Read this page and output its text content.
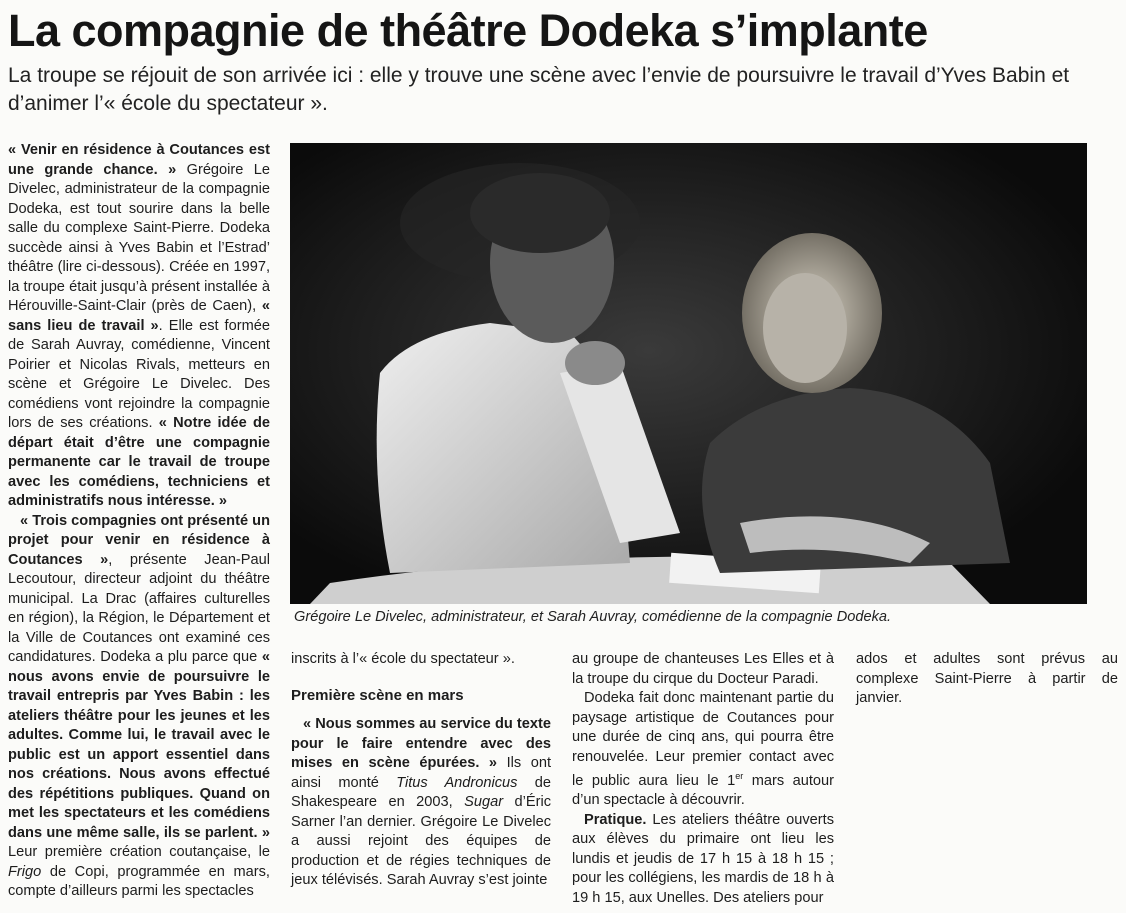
La compagnie de théâtre Dodeka s’implante

La troupe se réjouit de son arrivée ici : elle y trouve une scène avec l’envie de poursuivre le travail d’Yves Babin et d’animer l’« école du spectateur ».

Grégoire Le Divelec, administrateur, et Sarah Auvray, comédienne de la compagnie Dodeka.

« Venir en résidence à Coutances est une grande chance. » Grégoire Le Divelec, administrateur de la compagnie Dodeka, est tout sourire dans la belle salle du complexe Saint-Pierre. Dodeka succède ainsi à Yves Babin et l’Estrad’ théâtre (lire ci-dessous). Créée en 1997, la troupe était jusqu’à présent installée à Hérouville-Saint-Clair (près de Caen), « sans lieu de travail ». Elle est formée de Sarah Auvray, comédienne, Vincent Poirier et Nicolas Rivals, metteurs en scène et Grégoire Le Divelec. Des comédiens vont rejoindre la compagnie lors de ses créations. « Notre idée de départ était d’être une compagnie permanente car le travail de troupe avec les comédiens, techniciens et administratifs nous intéresse. »

« Trois compagnies ont présenté un projet pour venir en résidence à Coutances », présente Jean-Paul Lecoutour, directeur adjoint du théâtre municipal. La Drac (affaires culturelles en région), la Région, le Département et la Ville de Coutances ont examiné ces candidatures. Dodeka a plu parce que « nous avons envie de poursuivre le travail entrepris par Yves Babin : les ateliers théâtre pour les jeunes et les adultes. Comme lui, le travail avec le public est un apport essentiel dans nos créations. Nous avons effectué des répétitions publiques. Quand on met les spectateurs et les comédiens dans une même salle, ils se parlent. » Leur première création coutançaise, le Frigo de Copi, programmée en mars, compte d’ailleurs parmi les spectacles

inscrits à l’« école du spectateur ».

Première scène en mars

« Nous sommes au service du texte pour le faire entendre avec des mises en scène épurées. » Ils ont ainsi monté Titus Andronicus de Shakespeare en 2003, Sugar d’Éric Sarner l’an dernier. Grégoire Le Divelec a aussi rejoint des équipes de production et de régies techniques de jeux télévisés. Sarah Auvray s’est jointe

au groupe de chanteuses Les Elles et à la troupe du cirque du Docteur Paradi.

Dodeka fait donc maintenant partie du paysage artistique de Coutances pour une durée de cinq ans, qui pourra être renouvelée. Leur premier contact avec le public aura lieu le 1er mars autour d’un spectacle à découvrir.

Pratique. Les ateliers théâtre ouverts aux élèves du primaire ont lieu les lundis et jeudis de 17 h 15 à 18 h 15 ; pour les collégiens, les mardis de 18 h à 19 h 15, aux Unelles. Des ateliers pour

ados et adultes sont prévus au complexe Saint-Pierre à partir de janvier.
